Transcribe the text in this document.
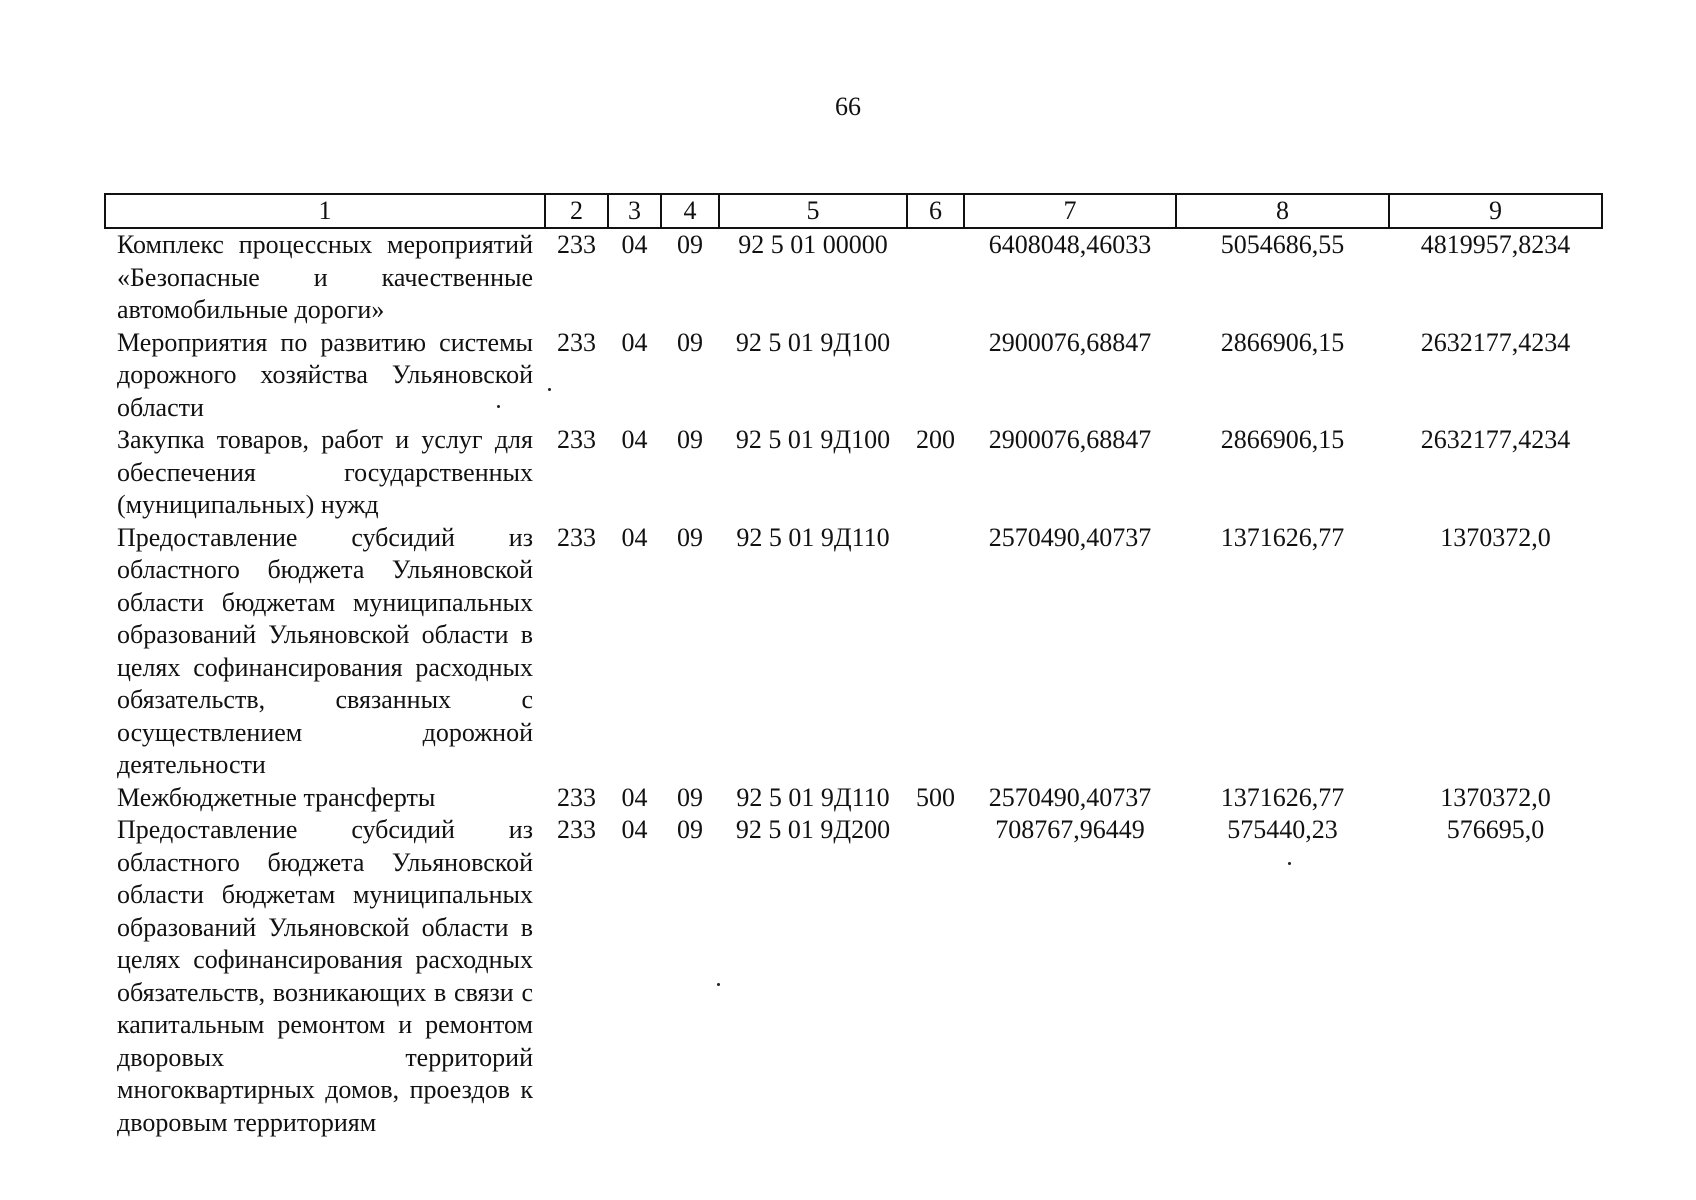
66
1	2	3	4	5	6	7	8	9
Комплекс процессных мероприятий «Безопасные и качественные автомобильные дороги»	233	04	09	92 5 01 00000		6408048,46033	5054686,55	4819957,8234
Мероприятия по развитию системы дорожного хозяйства Ульяновской области	233	04	09	92 5 01 9Д100		2900076,68847	2866906,15	2632177,4234
Закупка товаров, работ и услуг для обеспечения государственных (муниципальных) нужд	233	04	09	92 5 01 9Д100	200	2900076,68847	2866906,15	2632177,4234
Предоставление субсидий из областного бюджета Ульяновской области бюджетам муниципальных образований Ульяновской области в целях софинансирования расходных обязательств, связанных с осуществлением дорожной деятельности	233	04	09	92 5 01 9Д110		2570490,40737	1371626,77	1370372,0
Межбюджетные трансферты	233	04	09	92 5 01 9Д110	500	2570490,40737	1371626,77	1370372,0
Предоставление субсидий из областного бюджета Ульяновской области бюджетам муниципальных образований Ульяновской области в целях софинансирования расходных обязательств, возникающих в связи с капитальным ремонтом и ремонтом дворовых территорий многоквартирных домов, проездов к дворовым территориям	233	04	09	92 5 01 9Д200		708767,96449	575440,23	576695,0
